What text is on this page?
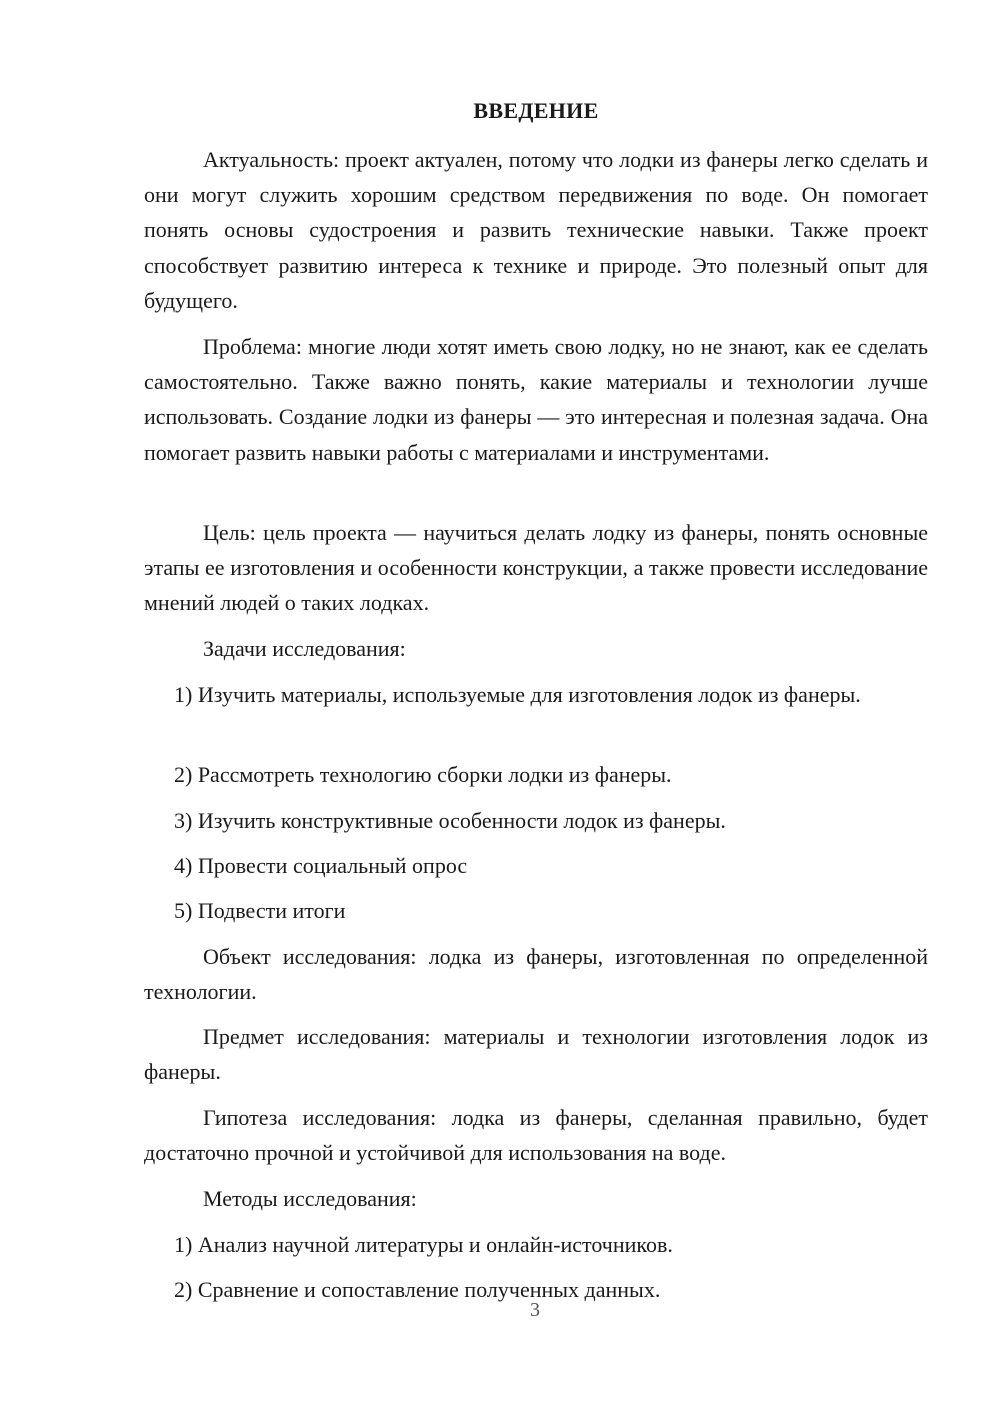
ВВЕДЕНИЕ

Актуальность: проект актуален, потому что лодки из фанеры легко сделать и они могут служить хорошим средством передвижения по воде. Он помогает понять основы судостроения и развить технические навыки. Также проект способствует развитию интереса к технике и природе. Это полезный опыт для будущего.

Проблема: многие люди хотят иметь свою лодку, но не знают, как ее сделать самостоятельно. Также важно понять, какие материалы и технологии лучше использовать. Создание лодки из фанеры — это интересная и полезная задача. Она помогает развить навыки работы с материалами и инструментами.

Цель: цель проекта — научиться делать лодку из фанеры, понять основные этапы ее изготовления и особенности конструкции, а также провести исследование мнений людей о таких лодках.

Задачи исследования:

1) Изучить материалы, используемые для изготовления лодок из фанеры.

2) Рассмотреть технологию сборки лодки из фанеры.

3) Изучить конструктивные особенности лодок из фанеры.

4) Провести социальный опрос

5) Подвести итоги

Объект исследования: лодка из фанеры, изготовленная по определенной технологии.

Предмет исследования: материалы и технологии изготовления лодок из фанеры.

Гипотеза исследования: лодка из фанеры, сделанная правильно, будет достаточно прочной и устойчивой для использования на воде.

Методы исследования:

1) Анализ научной литературы и онлайн-источников.

2) Сравнение и сопоставление полученных данных.

3
